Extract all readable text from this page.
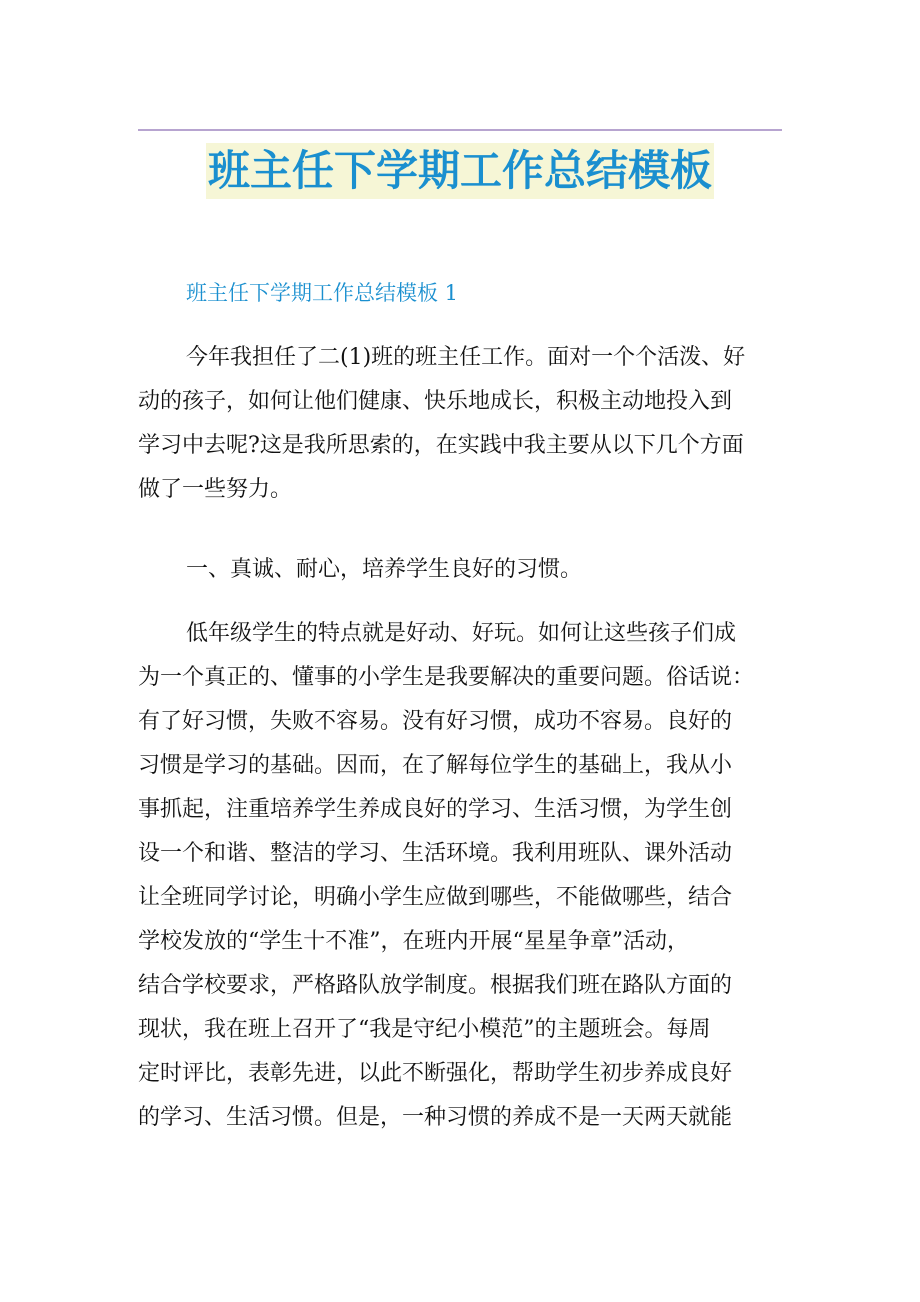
班主任下学期工作总结模板
班主任下学期工作总结模板 1
今年我担任了二(1)班的班主任工作。面对一个个活泼、好
动的孩子，如何让他们健康、快乐地成长，积极主动地投入到
学习中去呢?这是我所思索的，在实践中我主要从以下几个方面
做了一些努力。
一、真诚、耐心，培养学生良好的习惯。
低年级学生的特点就是好动、好玩。如何让这些孩子们成
为一个真正的、懂事的小学生是我要解决的重要问题。俗话说：
有了好习惯，失败不容易。没有好习惯，成功不容易。良好的
习惯是学习的基础。因而，在了解每位学生的基础上，我从小
事抓起，注重培养学生养成良好的学习、生活习惯，为学生创
设一个和谐、整洁的学习、生活环境。我利用班队、课外活动
让全班同学讨论，明确小学生应做到哪些，不能做哪些，结合
学校发放的“学生十不准”，在班内开展“星星争章”活动，
结合学校要求，严格路队放学制度。根据我们班在路队方面的
现状，我在班上召开了“我是守纪小模范”的主题班会。每周
定时评比，表彰先进，以此不断强化，帮助学生初步养成良好
的学习、生活习惯。但是，一种习惯的养成不是一天两天就能
